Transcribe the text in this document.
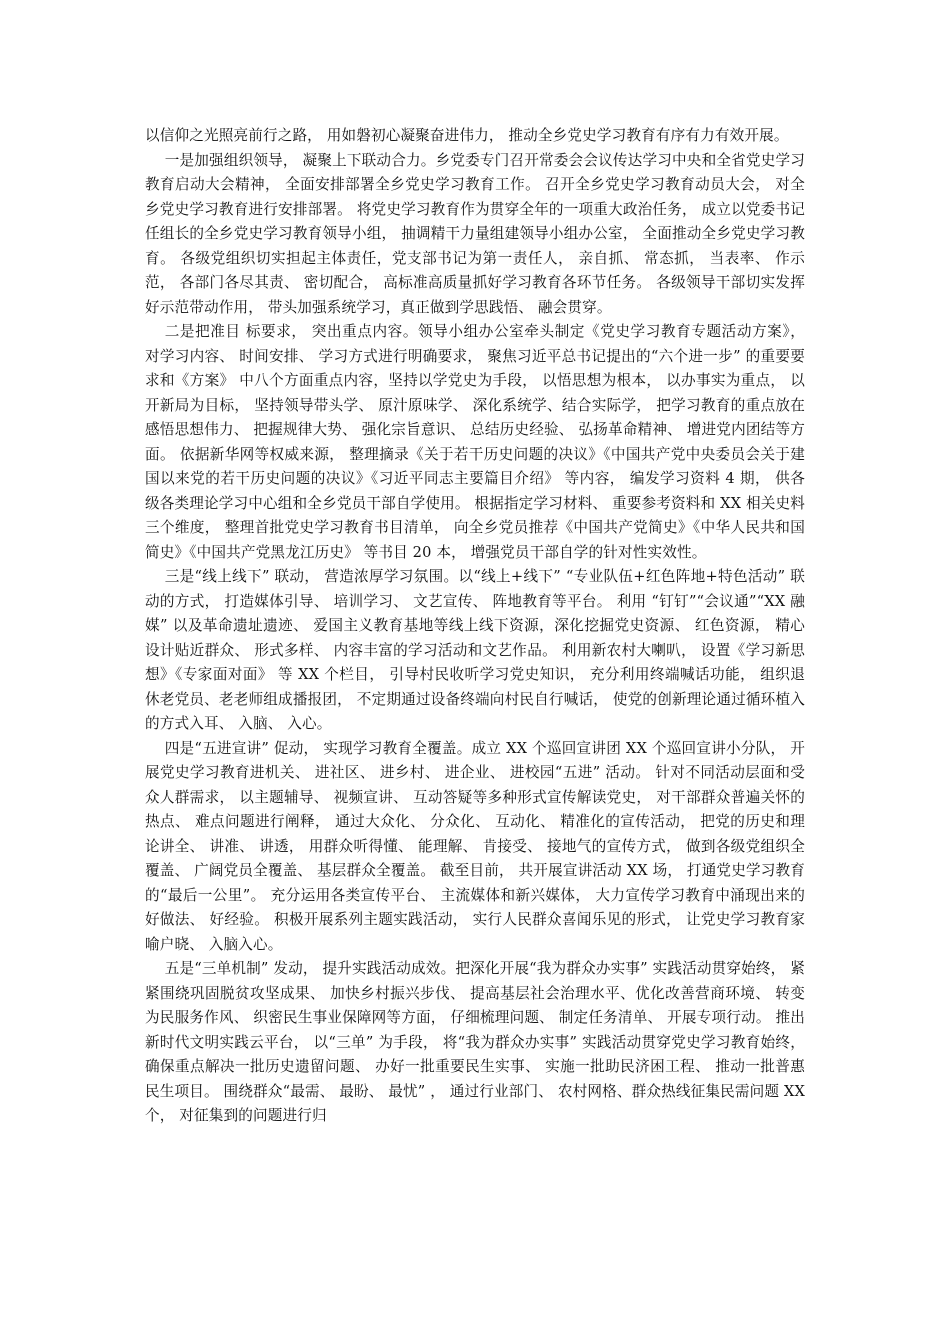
以信仰之光照亮前行之路， 用如磐初心凝聚奋进伟力， 推动全乡党史学习教育有序有力有效开展。

一是加强组织领导， 凝聚上下联动合力。乡党委专门召开常委会会议传达学习中央和全省党史学习教育启动大会精神， 全面安排部署全乡党史学习教育工作。 召开全乡党史学习教育动员大会， 对全乡党史学习教育进行安排部署。 将党史学习教育作为贯穿全年的一项重大政治任务， 成立以党委书记任组长的全乡党史学习教育领导小组， 抽调精干力量组建领导小组办公室， 全面推动全乡党史学习教育。 各级党组织切实担起主体责任，党支部书记为第一责任人， 亲自抓、 常态抓， 当表率、 作示范， 各部门各尽其责、 密切配合， 高标准高质量抓好学习教育各环节任务。 各级领导干部切实发挥好示范带动作用， 带头加强系统学习，真正做到学思践悟、 融会贯穿。

二是把准目 标要求， 突出重点内容。领导小组办公室牵头制定《党史学习教育专题活动方案》， 对学习内容、 时间安排、 学习方式进行明确要求， 聚焦习近平总书记提出的“六个进一步” 的重要要求和《方案》 中八个方面重点内容，坚持以学党史为手段， 以悟思想为根本， 以办事实为重点， 以开新局为目标， 坚持领导带头学、 原汁原味学、 深化系统学、结合实际学， 把学习教育的重点放在感悟思想伟力、 把握规律大势、 强化宗旨意识、 总结历史经验、 弘扬革命精神、 增进党内团结等方面。 依据新华网等权威来源， 整理摘录《关于若干历史问题的决议》《中国共产党中央委员会关于建国以来党的若干历史问题的决议》《习近平同志主要篇目介绍》 等内容， 编发学习资料 4 期， 供各级各类理论学习中心组和全乡党员干部自学使用。 根据指定学习材料、 重要参考资料和 XX 相关史料三个维度， 整理首批党史学习教育书目清单， 向全乡党员推荐《中国共产党简史》《中华人民共和国简史》《中国共产党黑龙江历史》 等书目 20 本， 增强党员干部自学的针对性实效性。

三是“线上线下” 联动， 营造浓厚学习氛围。以“线上+线下” “专业队伍+红色阵地+特色活动” 联动的方式， 打造媒体引导、 培训学习、 文艺宣传、 阵地教育等平台。 利用 “钉钉”“会议通”“XX 融媒” 以及革命遗址遗迹、 爱国主义教育基地等线上线下资源，深化挖掘党史资源、 红色资源， 精心设计贴近群众、 形式多样、 内容丰富的学习活动和文艺作品。 利用新农村大喇叭， 设置《学习新思想》《专家面对面》 等 XX 个栏目， 引导村民收听学习党史知识， 充分利用终端喊话功能， 组织退休老党员、老老师组成播报团， 不定期通过设备终端向村民自行喊话， 使党的创新理论通过循环植入的方式入耳、 入脑、 入心。

四是“五进宣讲” 促动， 实现学习教育全覆盖。成立 XX 个巡回宣讲团 XX 个巡回宣讲小分队， 开展党史学习教育进机关、 进社区、 进乡村、 进企业、 进校园“五进” 活动。 针对不同活动层面和受众人群需求， 以主题辅导、 视频宣讲、 互动答疑等多种形式宣传解读党史， 对干部群众普遍关怀的热点、 难点问题进行阐释， 通过大众化、 分众化、 互动化、 精准化的宣传活动， 把党的历史和理论讲全、 讲准、 讲透， 用群众听得懂、 能理解、 肯接受、 接地气的宣传方式， 做到各级党组织全覆盖、 广阔党员全覆盖、 基层群众全覆盖。 截至目前， 共开展宣讲活动 XX 场， 打通党史学习教育的“最后一公里”。 充分运用各类宣传平台、 主流媒体和新兴媒体， 大力宣传学习教育中涌现出来的好做法、 好经验。 积极开展系列主题实践活动， 实行人民群众喜闻乐见的形式， 让党史学习教育家喻户晓、 入脑入心。

五是“三单机制” 发动， 提升实践活动成效。把深化开展“我为群众办实事” 实践活动贯穿始终， 紧紧围绕巩固脱贫攻坚成果、 加快乡村振兴步伐、 提高基层社会治理水平、优化改善营商环境、 转变为民服务作风、 织密民生事业保障网等方面， 仔细梳理问题、 制定任务清单、 开展专项行动。 推出新时代文明实践云平台， 以“三单” 为手段， 将“我为群众办实事” 实践活动贯穿党史学习教育始终， 确保重点解决一批历史遗留问题、 办好一批重要民生实事、 实施一批助民济困工程、 推动一批普惠民生项目。 围绕群众“最需、 最盼、 最忧” ， 通过行业部门、 农村网格、群众热线征集民需问题 XX 个， 对征集到的问题进行归
